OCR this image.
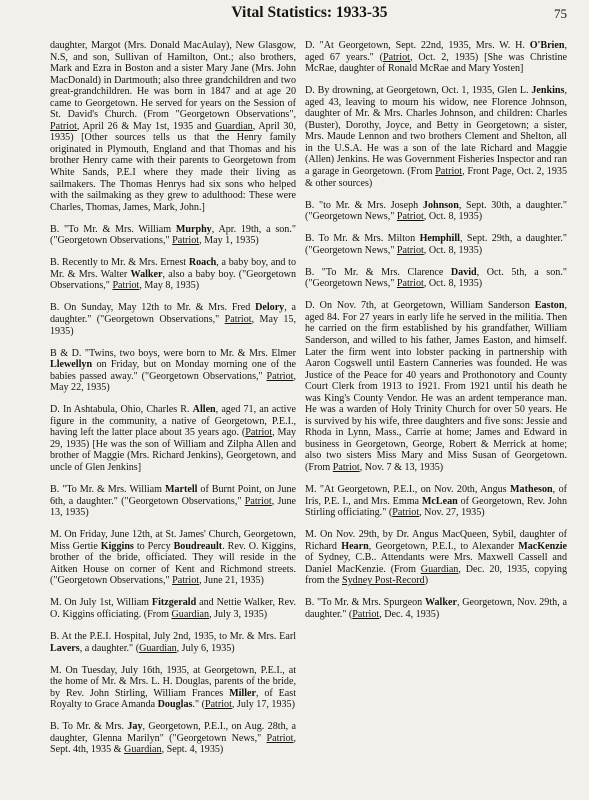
Vital Statistics: 1933-35	75

daughter, Margot (Mrs. Donald MacAulay), New Glasgow, N.S, and son, Sullivan of Hamilton, Ont.; also brothers, Mark and Ezra in Boston and a sister Mary Jane (Mrs. John MacDonald) in Dartmouth; also three grandchildren and two great-grandchildren. He was born in 1847 and at age 20 came to Georgetown. He served for years on the Session of St. David's Church. (From "Georgetown Observations", Patriot, April 26 & May 1st, 1935 and Guardian, April 30, 1935) [Other sources tells us that the Henry family originated in Plymouth, England and that Thomas and his brother Henry came with their parents to Georgetown from White Sands, P.E.I where they made their living as sailmakers. The Thomas Henrys had six sons who helped with the sailmaking as they grew to adulthood: These were Charles, Thomas, James, Mark, John.]

B. "To Mr. & Mrs. William Murphy, Apr. 19th, a son." ("Georgetown Observations," Patriot, May 1, 1935)

B. Recently to Mr. & Mrs. Ernest Roach, a baby boy, and to Mr. & Mrs. Walter Walker, also a baby boy. ("Georgetown Observations," Patriot, May 8, 1935)

B. On Sunday, May 12th to Mr. & Mrs. Fred Delory, a daughter." ("Georgetown Observations," Patriot, May 15, 1935)

B & D. "Twins, two boys, were born to Mr. & Mrs. Elmer Llewellyn on Friday, but on Monday morning one of the babies passed away." ("Georgetown Observations," Patriot, May 22, 1935)

D. In Ashtabula, Ohio, Charles R. Allen, aged 71, an active figure in the community, a native of Georgetown, P.E.I., having left the latter place about 35 years ago. (Patriot, May 29, 1935) [He was the son of William and Zilpha Allen and brother of Maggie (Mrs. Richard Jenkins), Georgetown, and uncle of Glen Jenkins]

B. "To Mr. & Mrs. William Martell of Burnt Point, on June 6th, a daughter." ("Georgetown Observations," Patriot, June 13, 1935)

M. On Friday, June 12th, at St. James' Church, Georgetown, Miss Gertie Kiggins to Percy Boudreault. Rev. O. Kiggins, brother of the bride, officiated. They will reside in the Aitken House on corner of Kent and Richmond streets. ("Georgetown Observations," Patriot, June 21, 1935)

M. On July 1st, William Fitzgerald and Nettie Walker, Rev. O. Kiggins officiating. (From Guardian, July 3, 1935)

B. At the P.E.I. Hospital, July 2nd, 1935, to Mr. & Mrs. Earl Lavers, a daughter." (Guardian, July 6, 1935)

M. On Tuesday, July 16th, 1935, at Georgetown, P.E.I., at the home of Mr. & Mrs. L. H. Douglas, parents of the bride, by Rev. John Stirling, William Frances Miller, of East Royalty to Grace Amanda Douglas." (Patriot, July 17, 1935)

B. To Mr. & Mrs. Jay, Georgetown, P.E.I., on Aug. 28th, a daughter, Glenna Marilyn" ("Georgetown News," Patriot, Sept. 4th, 1935 & Guardian, Sept. 4, 1935)

D. "At Georgetown, Sept. 22nd, 1935, Mrs. W. H. O'Brien, aged 67 years." (Patriot, Oct. 2, 1935) [She was Christine McRae, daughter of Ronald McRae and Mary Yosten]

D. By drowning, at Georgetown, Oct. 1, 1935, Glen L. Jenkins, aged 43, leaving to mourn his widow, nee Florence Johnson, daughter of Mr. & Mrs. Charles Johnson, and children: Charles (Buster), Dorothy, Joyce, and Betty in Georgetown; a sister, Mrs. Maude Lennon and two brothers Clement and Shelton, all in the U.S.A. He was a son of the late Richard and Maggie (Allen) Jenkins. He was Government Fisheries Inspector and ran a garage in Georgetown. (From Patriot, Front Page, Oct. 2, 1935 & other sources)

B. "to Mr. & Mrs. Joseph Johnson, Sept. 30th, a daughter." ("Georgetown News," Patriot, Oct. 8, 1935)

B. To Mr. & Mrs. Milton Hemphill, Sept. 29th, a daughter." ("Georgetown News," Patriot, Oct. 8, 1935)

B. "To Mr. & Mrs. Clarence David, Oct. 5th, a son." ("Georgetown News," Patriot, Oct. 8, 1935)

D. On Nov. 7th, at Georgetown, William Sanderson Easton, aged 84. For 27 years in early life he served in the militia. Then he carried on the firm established by his grandfather, William Sanderson, and willed to his father, James Easton, and himself. Later the firm went into lobster packing in partnership with Aaron Cogswell until Eastern Canneries was founded. He was Justice of the Peace for 40 years and Prothonotory and County Court Clerk from 1913 to 1921. From 1921 until his death he was King's County Vendor. He was an ardent temperance man. He was a warden of Holy Trinity Church for over 50 years. He is survived by his wife, three daughters and five sons: Jessie and Rhoda in Lynn, Mass., Carrie at home; James and Edward in business in Georgetown, George, Robert & Merrick at home; also two sisters Miss Mary and Miss Susan of Georgetown. (From Patriot, Nov. 7 & 13, 1935)

M. "At Georgetown, P.E.I., on Nov. 20th, Angus Matheson, of Iris, P.E. I., and Mrs. Emma McLean of Georgetown, Rev. John Stirling officiating." (Patriot, Nov. 27, 1935)

M. On Nov. 29th, by Dr. Angus MacQueen, Sybil, daughter of Richard Hearn, Georgetown, P.E.I., to Alexander MacKenzie of Sydney, C.B.. Attendants were Mrs. Maxwell Cassell and Daniel MacKenzie. (From Guardian, Dec. 20, 1935, copying from the Sydney Post-Record)

B. "To Mr. & Mrs. Spurgeon Walker, Georgetown, Nov. 29th, a daughter." (Patriot, Dec. 4, 1935)
